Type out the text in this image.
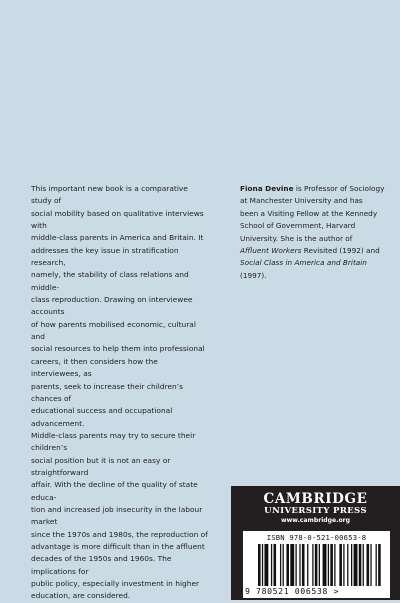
This important new book is a comparative study of

social mobility based on qualitative interviews with

middle-class parents in America and Britain. It

addresses the key issue in stratification research,

namely, the stability of class relations and middle-

class reproduction. Drawing on interviewee accounts

of how parents mobilised economic, cultural and

social resources to help them into professional

careers, it then considers how the interviewees, as

parents, seek to increase their children’s chances of

educational success and occupational advancement.

Middle-class parents may try to secure their children’s

social position but it is not an easy or straightforward

affair. With the decline of the quality of state educa-

tion and increased job insecurity in the labour market

since the 1970s and 1980s, the reproduction of

advantage is more difficult than in the affluent

decades of the 1950s and 1960s. The implications for

public policy, especially investment in higher

education, are considered.

Fiona Devine is Professor of Sociology

at Manchester University and has

been a Visiting Fellow at the Kennedy

School of Government, Harvard

University. She is the author of

Affluent Workers Revisited (1992) and

Social Class in America and Britain

(1997).

CAMBRIDGE
UNIVERSITY PRESS
www.cambridge.org
ISBN 978-0-521-00653-8
9 780521 006538 >
